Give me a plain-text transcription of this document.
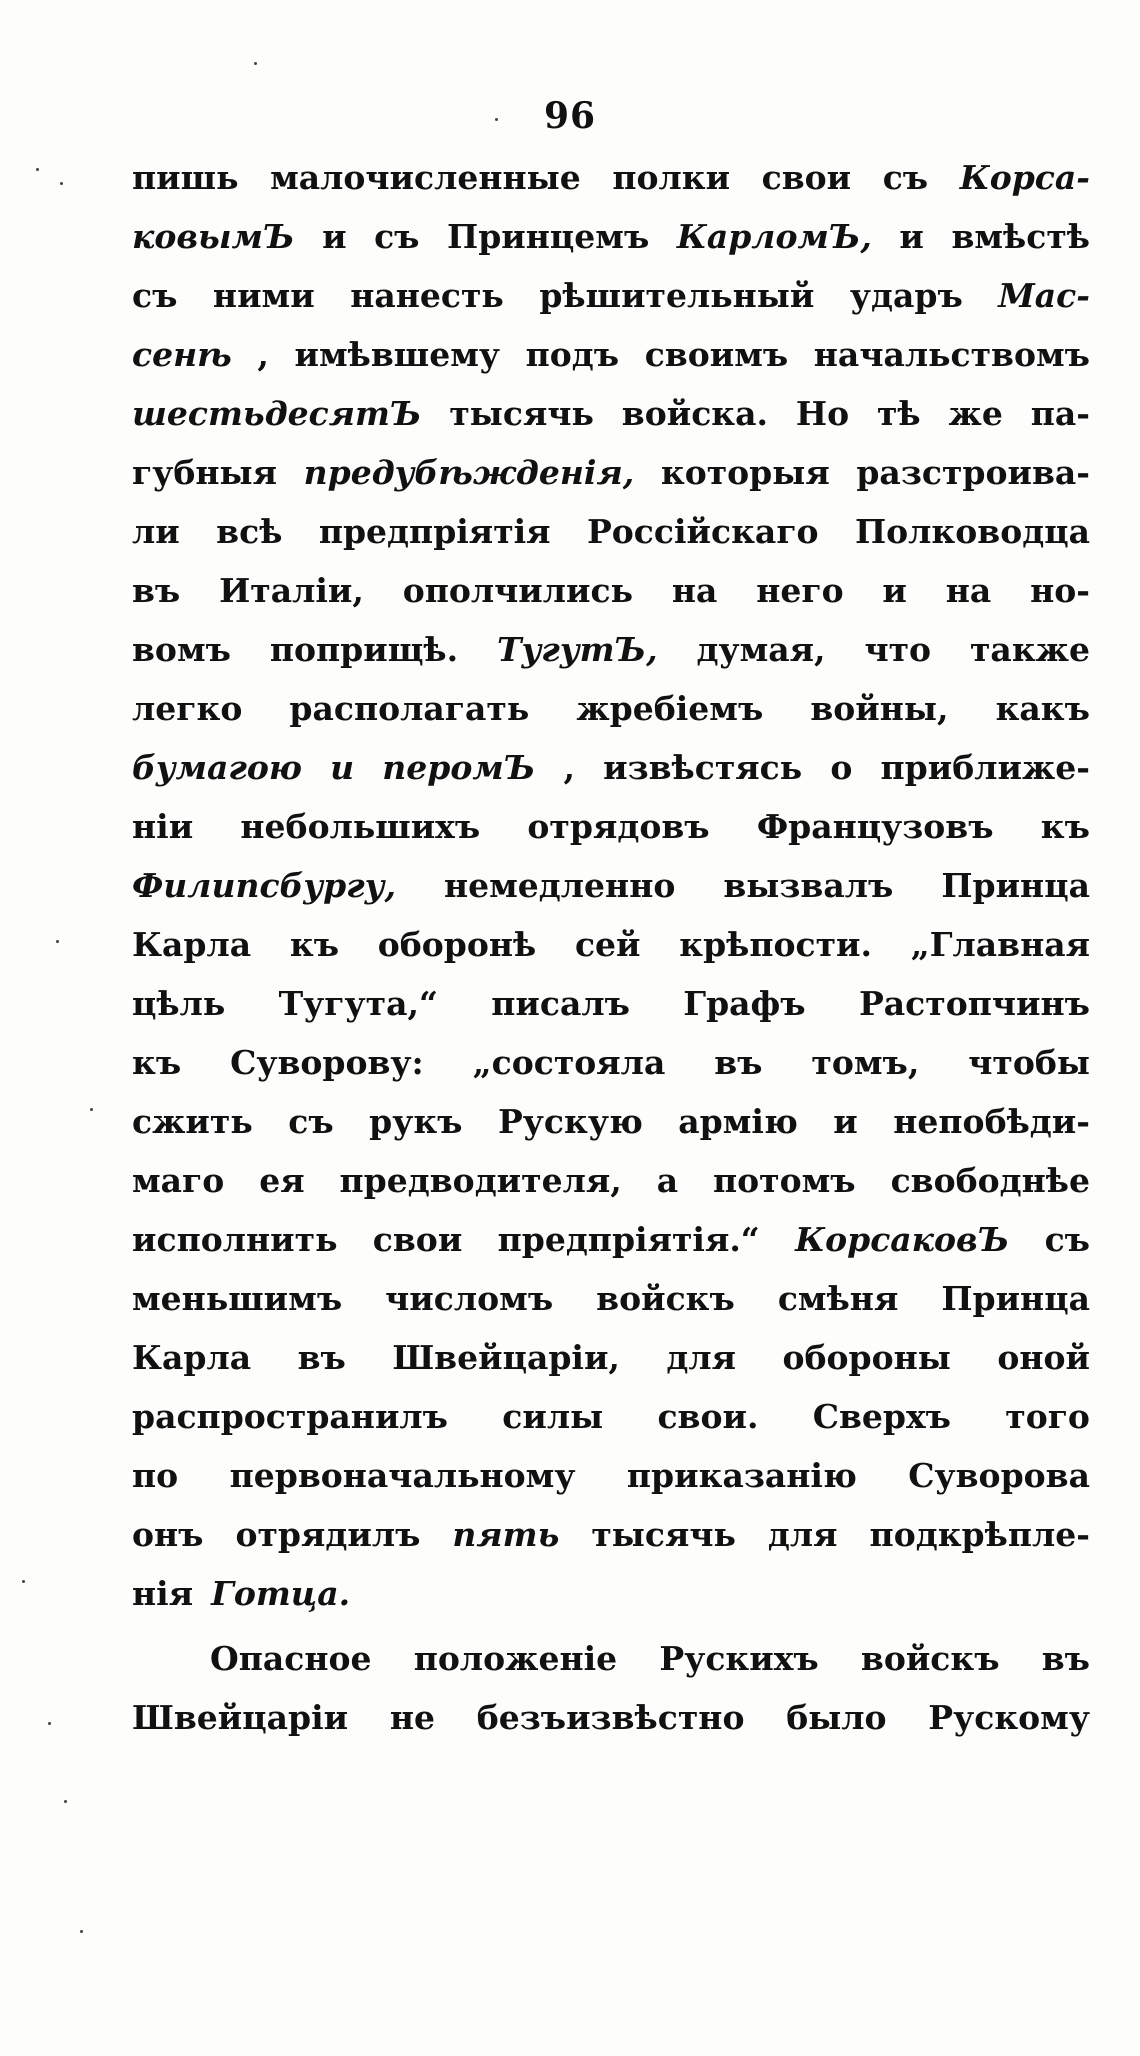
96
пишь малочисленные полки свои съ Корса-
ковымЪ и съ Принцемъ КарломЪ, и вмѣстѣ
съ ними нанесть рѣшительный ударъ Мас-
сенѣ , имѣвшему подъ своимъ начальствомъ
шестьдесятЪ тысячь войска. Но тѣ же па-
губныя предубѣжденія, которыя разстроива-
ли всѣ предпріятія Россійскаго Полководца
въ Италіи, ополчились на него и на но-
вомъ поприщѣ. ТугутЪ, думая, что также
легко располагать жребіемъ войны, какъ
бумагою и перомЪ , извѣстясь о приближе-
ніи небольшихъ отрядовъ Французовъ къ
Филипсбургу, немедленно вызвалъ Принца
Карла къ оборонѣ сей крѣпости. „Главная
цѣль Тугута,“ писалъ Графъ Растопчинъ
къ Суворову: „состояла въ томъ, чтобы
сжить съ рукъ Рускую армію и непобѣди-
маго ея предводителя, а потомъ свободнѣе
исполнить свои предпріятія.“ КорсаковЪ съ
меньшимъ числомъ войскъ смѣня Принца
Карла въ Швейцаріи, для обороны оной
распространилъ силы свои. Сверхъ того
по первоначальному приказанію Суворова
онъ отрядилъ пять тысячь для подкрѣпле-
нія Готца.
Опасное положеніе Рускихъ войскъ въ
Швейцаріи не безъизвѣстно было Рускому
